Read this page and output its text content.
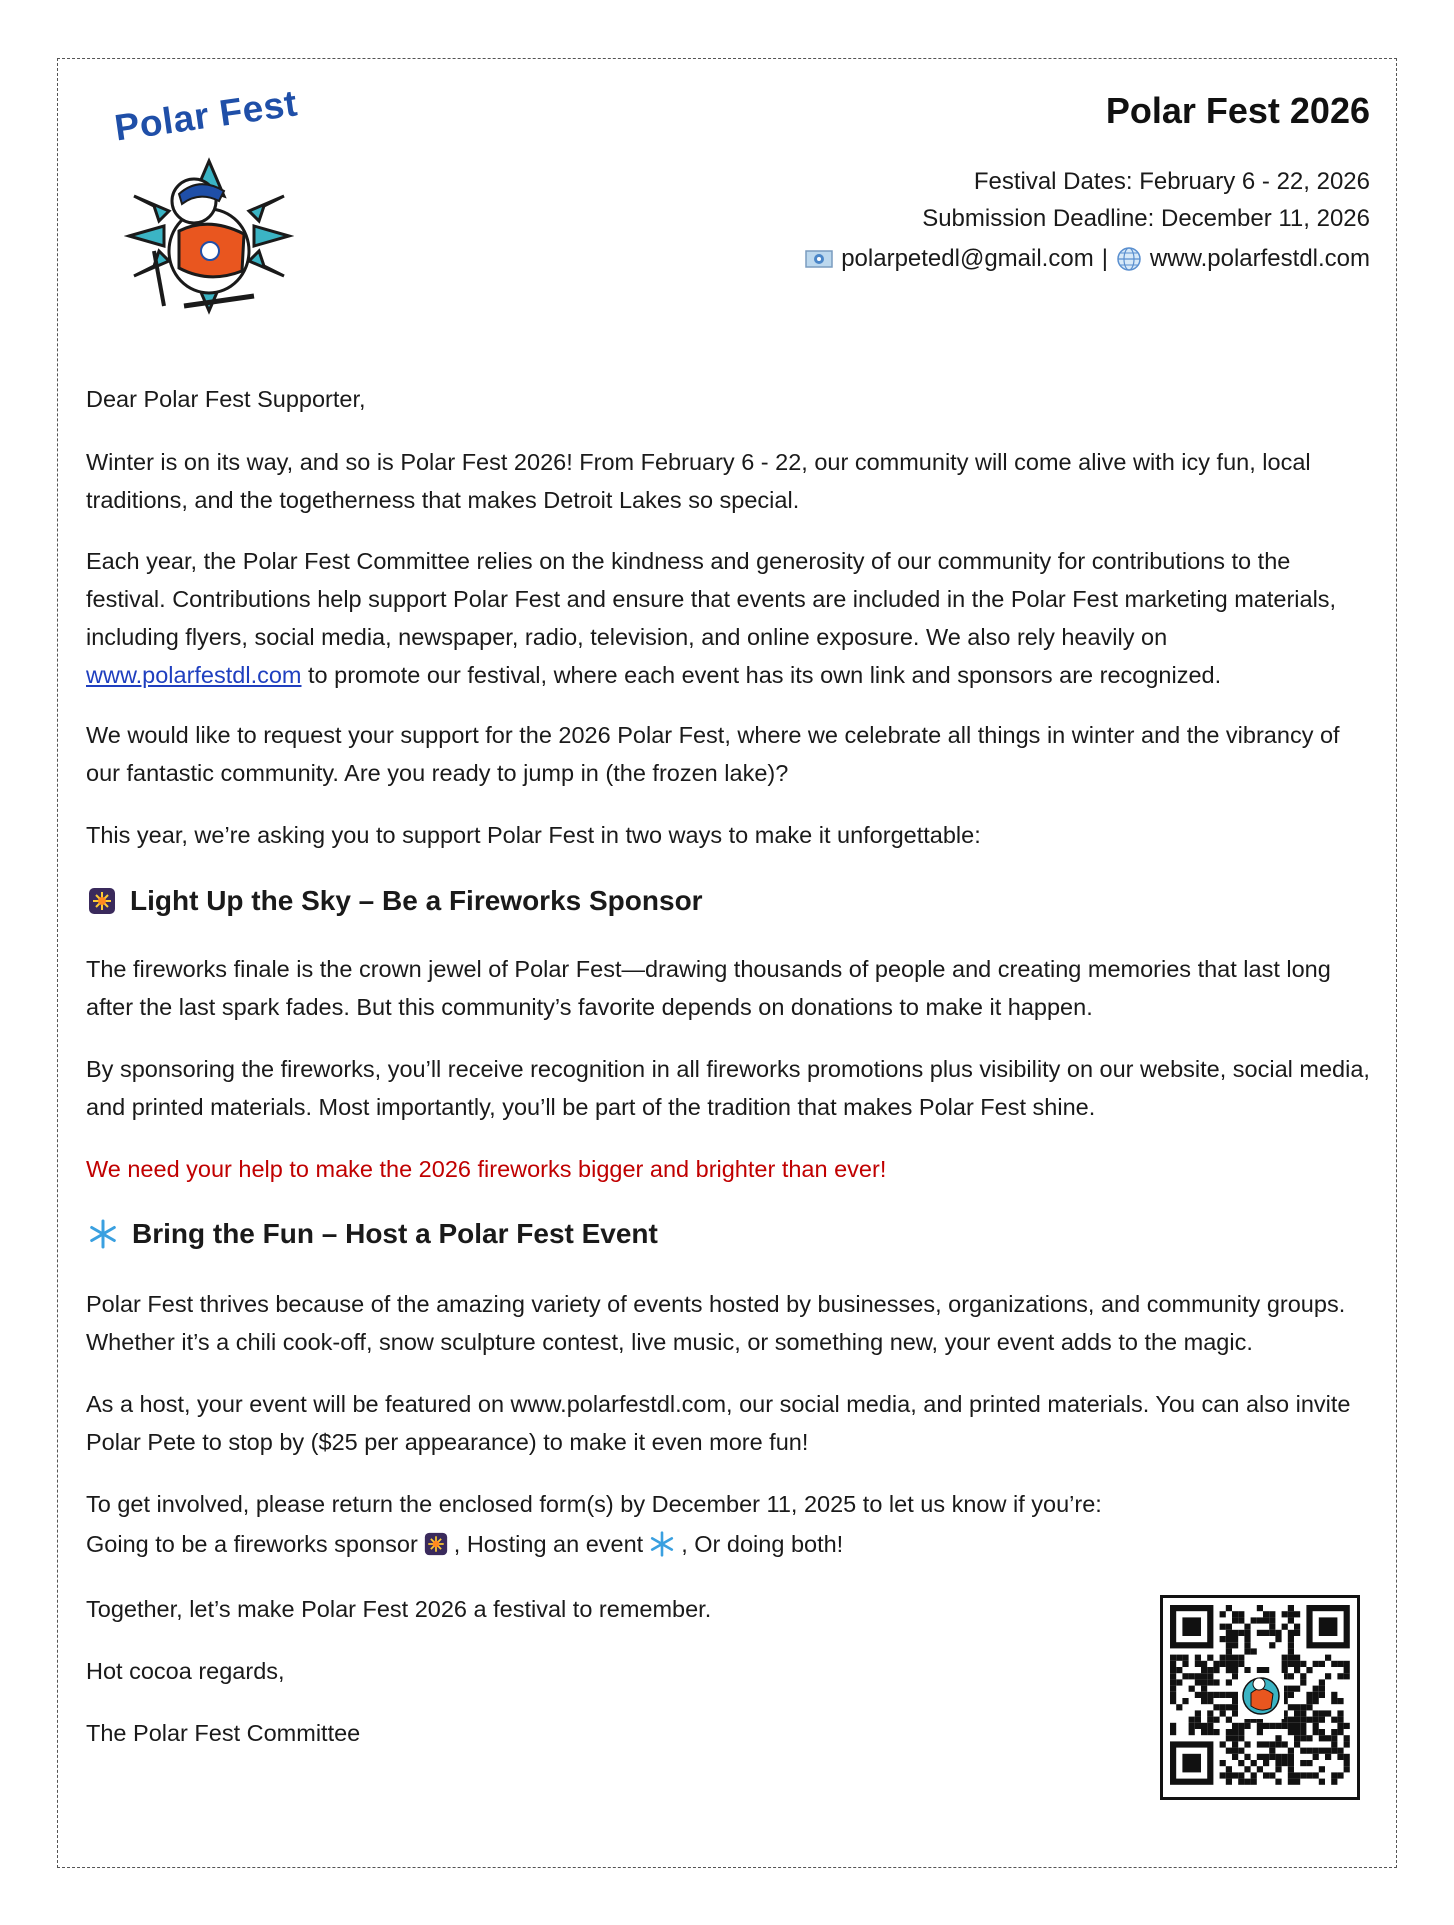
Polar Fest	Polar Fest 2026
Festival Dates: February 6 - 22, 2026
Submission Deadline: December 11, 2026
polarpetedl@gmail.com | www.polarfestdl.com

Dear Polar Fest Supporter,

Winter is on its way, and so is Polar Fest 2026! From February 6 - 22, our community will come alive with icy fun, local traditions, and the togetherness that makes Detroit Lakes so special.

Each year, the Polar Fest Committee relies on the kindness and generosity of our community for contributions to the festival. Contributions help support Polar Fest and ensure that events are included in the Polar Fest marketing materials, including flyers, social media, newspaper, radio, television, and online exposure. We also rely heavily on www.polarfestdl.com to promote our festival, where each event has its own link and sponsors are recognized.

We would like to request your support for the 2026 Polar Fest, where we celebrate all things in winter and the vibrancy of our fantastic community. Are you ready to jump in (the frozen lake)?

This year, we’re asking you to support Polar Fest in two ways to make it unforgettable:

Light Up the Sky – Be a Fireworks Sponsor

The fireworks finale is the crown jewel of Polar Fest—drawing thousands of people and creating memories that last long after the last spark fades. But this community’s favorite depends on donations to make it happen.

By sponsoring the fireworks, you’ll receive recognition in all fireworks promotions plus visibility on our website, social media, and printed materials. Most importantly, you’ll be part of the tradition that makes Polar Fest shine.

We need your help to make the 2026 fireworks bigger and brighter than ever!

Bring the Fun – Host a Polar Fest Event

Polar Fest thrives because of the amazing variety of events hosted by businesses, organizations, and community groups. Whether it’s a chili cook-off, snow sculpture contest, live music, or something new, your event adds to the magic.

As a host, your event will be featured on www.polarfestdl.com, our social media, and printed materials. You can also invite Polar Pete to stop by ($25 per appearance) to make it even more fun!

To get involved, please return the enclosed form(s) by December 11, 2025 to let us know if you’re:

Going to be a fireworks sponsor , Hosting an event , Or doing both!

Together, let’s make Polar Fest 2026 a festival to remember.

Hot cocoa regards,

The Polar Fest Committee
